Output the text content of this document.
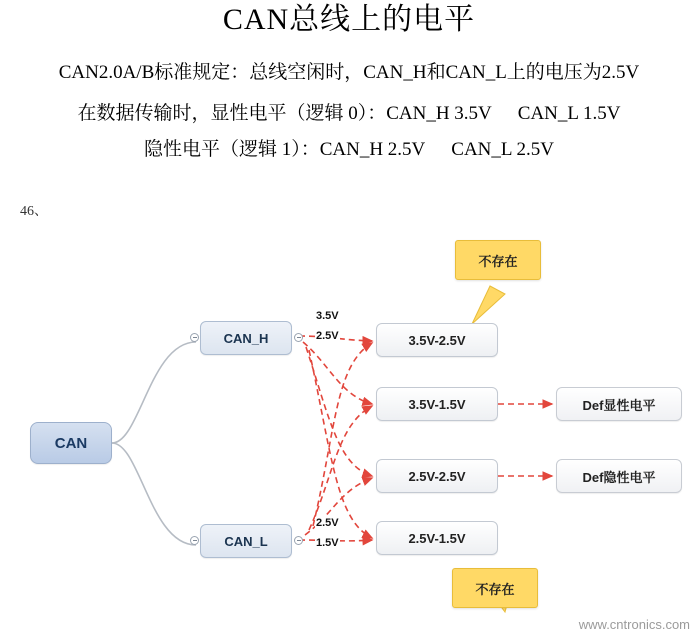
CAN总线上的电平
CAN2.0A/B标准规定：总线空闲时，CAN_H和CAN_L上的电压为2.5V
在数据传输时，显性电平（逻辑 0）：CAN_H 3.5V CAN_L 1.5V
隐性电平（逻辑 1）：CAN_H 2.5V CAN_L 2.5V
46、
CAN
CAN_H
CAN_L
3.5V
2.5V
2.5V
1.5V
3.5V-2.5V
3.5V-1.5V
2.5V-2.5V
2.5V-1.5V
Def显性电平
Def隐性电平
不存在
不存在
www.cntronics.com
